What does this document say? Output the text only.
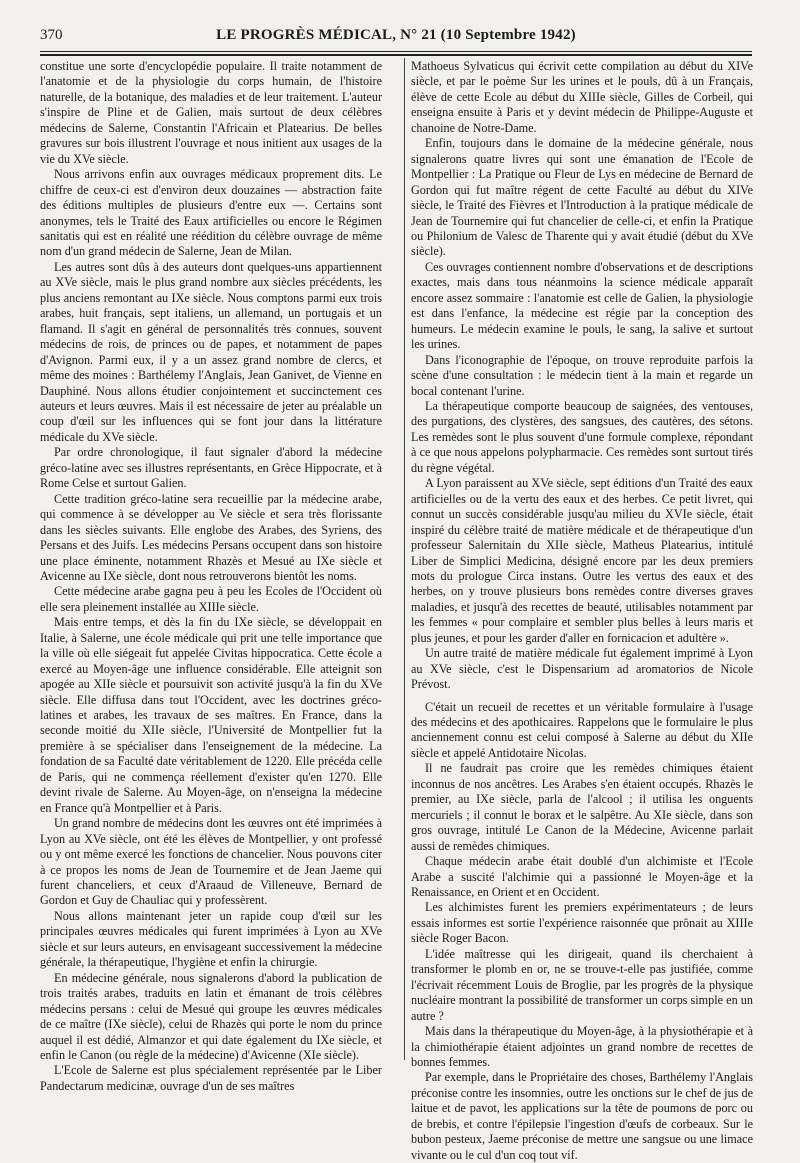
370	LE PROGRÈS MÉDICAL, N° 21 (10 Septembre 1942)

constitue une sorte d'encyclopédie populaire. Il traite notamment de l'anatomie et de la physiologie du corps humain, de l'histoire naturelle, de la botanique, des maladies et de leur traitement. L'auteur s'inspire de Pline et de Galien, mais surtout de deux célèbres médecins de Salerne, Constantin l'Africain et Platearius. De belles gravures sur bois illustrent l'ouvrage et nous initient aux usages de la vie du XVe siècle.

Nous arrivons enfin aux ouvrages médicaux proprement dits. Le chiffre de ceux-ci est d'environ deux douzaines — abstraction faite des éditions multiples de plusieurs d'entre eux —. Certains sont anonymes, tels le Traité des Eaux artificielles ou encore le Régimen sanitatis qui est en réalité une réédition du célèbre ouvrage de même nom d'un grand médecin de Salerne, Jean de Milan.

Les autres sont dûs à des auteurs dont quelques-uns appartiennent au XVe siècle, mais le plus grand nombre aux siècles précédents, les plus anciens remontant au IXe siècle. Nous comptons parmi eux trois arabes, huit français, sept italiens, un allemand, un portugais et un flamand. Il s'agit en général de personnalités très connues, souvent médecins de rois, de princes ou de papes, et notamment de papes d'Avignon. Parmi eux, il y a un assez grand nombre de clercs, et même des moines : Barthélemy l'Anglais, Jean Ganivet, de Vienne en Dauphiné. Nous allons étudier conjointement et succinctement ces auteurs et leurs œuvres. Mais il est nécessaire de jeter au préalable un coup d'œil sur les influences qui se font jour dans la littérature médicale du XVe siècle.

Par ordre chronologique, il faut signaler d'abord la médecine gréco-latine avec ses illustres représentants, en Grèce Hippocrate, et à Rome Celse et surtout Galien.

Cette tradition gréco-latine sera recueillie par la médecine arabe, qui commence à se développer au Ve siècle et sera très florissante dans les siècles suivants. Elle englobe des Arabes, des Syriens, des Persans et des Juifs. Les médecins Persans occupent dans son histoire une place éminente, notamment Rhazès et Mesué au IXe siècle et Avicenne au IXe siècle, dont nous retrouverons bientôt les noms.

Cette médecine arabe gagna peu à peu les Ecoles de l'Occident où elle sera pleinement installée au XIIIe siècle.

Mais entre temps, et dès la fin du IXe siècle, se développait en Italie, à Salerne, une école médicale qui prit une telle importance que la ville où elle siégeait fut appelée Civitas hippocratica. Cette école a exercé au Moyen-âge une influence considérable. Elle atteignit son apogée au XIIe siècle et poursuivit son activité jusqu'à la fin du XVe siècle. Elle diffusa dans tout l'Occident, avec les doctrines gréco-latines et arabes, les travaux de ses maîtres. En France, dans la seconde moitié du XIIe siècle, l'Université de Montpellier fut la première à se spécialiser dans l'enseignement de la médecine. La fondation de sa Faculté date véritablement de 1220. Elle précéda celle de Paris, qui ne commença réellement d'exister qu'en 1270. Elle devint rivale de Salerne. Au Moyen-âge, on n'enseigna la médecine en France qu'à Montpellier et à Paris.

Un grand nombre de médecins dont les œuvres ont été imprimées à Lyon au XVe siècle, ont été les élèves de Montpellier, y ont professé ou y ont même exercé les fonctions de chancelier. Nous pouvons citer à ce propos les noms de Jean de Tournemire et de Jean Jaeme qui furent chanceliers, et ceux d'Araaud de Villeneuve, Bernard de Gordon et Guy de Chauliac qui y professèrent.

Nous allons maintenant jeter un rapide coup d'œil sur les principales œuvres médicales qui furent imprimées à Lyon au XVe siècle et sur leurs auteurs, en envisageant successivement la médecine générale, la thérapeutique, l'hygiène et enfin la chirurgie.

En médecine générale, nous signalerons d'abord la publication de trois traités arabes, traduits en latin et émanant de trois célèbres médecins persans : celui de Mesué qui groupe les œuvres médicales de ce maître (IXe siècle), celui de Rhazès qui porte le nom du prince auquel il est dédié, Almanzor et qui date également du IXe siècle, et enfin le Canon (ou règle de la médecine) d'Avicenne (XIe siècle).

L'Ecole de Salerne est plus spécialement représentée par le Liber Pandectarum medicinæ, ouvrage d'un de ses maîtres

Mathoeus Sylvaticus qui écrivit cette compilation au début du XIVe siècle, et par le poème Sur les urines et le pouls, dû à un Français, élève de cette Ecole au début du XIIIe siècle, Gilles de Corbeil, qui enseigna ensuite à Paris et y devint médecin de Philippe-Auguste et chanoine de Notre-Dame.

Enfin, toujours dans le domaine de la médecine générale, nous signalerons quatre livres qui sont une émanation de l'Ecole de Montpellier : La Pratique ou Fleur de Lys en médecine de Bernard de Gordon qui fut maître régent de cette Faculté au début du XIVe siècle, le Traité des Fièvres et l'Introduction à la pratique médicale de Jean de Tournemire qui fut chancelier de celle-ci, et enfin la Pratique ou Philonium de Valesc de Tharente qui y avait étudié (début du XVe siècle).

Ces ouvrages contiennent nombre d'observations et de descriptions exactes, mais dans tous néanmoins la science médicale apparaît encore assez sommaire : l'anatomie est celle de Galien, la physiologie est dans l'enfance, la médecine est régie par la conception des humeurs. Le médecin examine le pouls, le sang, la salive et surtout les urines.

Dans l'iconographie de l'époque, on trouve reproduite parfois la scène d'une consultation : le médecin tient à la main et regarde un bocal contenant l'urine.

La thérapeutique comporte beaucoup de saignées, des ventouses, des purgations, des clystères, des sangsues, des cautères, des sétons. Les remèdes sont le plus souvent d'une formule complexe, répondant à ce que nous appelons polypharmacie. Ces remèdes sont surtout tirés du règne végétal.

A Lyon paraissent au XVe siècle, sept éditions d'un Traité des eaux artificielles ou de la vertu des eaux et des herbes. Ce petit livret, qui connut un succès considérable jusqu'au milieu du XVIe siècle, était inspiré du célèbre traité de matière médicale et de thérapeutique d'un professeur Salernitain du XIIe siècle, Matheus Platearius, intitulé Liber de Simplici Medicina, désigné encore par les deux premiers mots du prologue Circa instans. Outre les vertus des eaux et des herbes, on y trouve plusieurs bons remèdes contre diverses graves maladies, et jusqu'à des recettes de beauté, utilisables notamment par les femmes « pour complaire et sembler plus belles à leurs maris et plus jeunes, et pour les garder d'aller en fornicacion et adultère ».

Un autre traité de matière médicale fut également imprimé à Lyon au XVe siècle, c'est le Dispensarium ad aromatorios de Nicole Prévost.

C'était un recueil de recettes et un véritable formulaire à l'usage des médecins et des apothicaires. Rappelons que le formulaire le plus anciennement connu est celui composé à Salerne au début du XIIe siècle et appelé Antidotaire Nicolas.

Il ne faudrait pas croire que les remèdes chimiques étaient inconnus de nos ancêtres. Les Arabes s'en étaient occupés. Rhazès le premier, au IXe siècle, parla de l'alcool ; il utilisa les onguents mercuriels ; il connut le borax et le salpêtre. Au XIe siècle, dans son gros ouvrage, intitulé Le Canon de la Médecine, Avicenne parlait aussi de remèdes chimiques.

Chaque médecin arabe était doublé d'un alchimiste et l'Ecole Arabe a suscité l'alchimie qui a passionné le Moyen-âge et la Renaissance, en Orient et en Occident.

Les alchimistes furent les premiers expérimentateurs ; de leurs essais informes est sortie l'expérience raisonnée que prônait au XIIIe siècle Roger Bacon.

L'idée maîtresse qui les dirigeait, quand ils cherchaient à transformer le plomb en or, ne se trouve-t-elle pas justifiée, comme l'écrivait récemment Louis de Broglie, par les progrès de la physique nucléaire montrant la possibilité de transformer un corps simple en un autre ?

Mais dans la thérapeutique du Moyen-âge, à la physiothérapie et à la chimiothérapie étaient adjointes un grand nombre de recettes de bonnes femmes.

Par exemple, dans le Propriétaire des choses, Barthélemy l'Anglais préconise contre les insomnies, outre les onctions sur le chef de jus de laitue et de pavot, les applications sur la tête de poumons de porc ou de brebis, et contre l'épilepsie l'ingestion d'œufs de corbeaux. Sur le bubon pesteux, Jaeme préconise de mettre une sangsue ou une limace vivante ou le cul d'un coq tout vif.
